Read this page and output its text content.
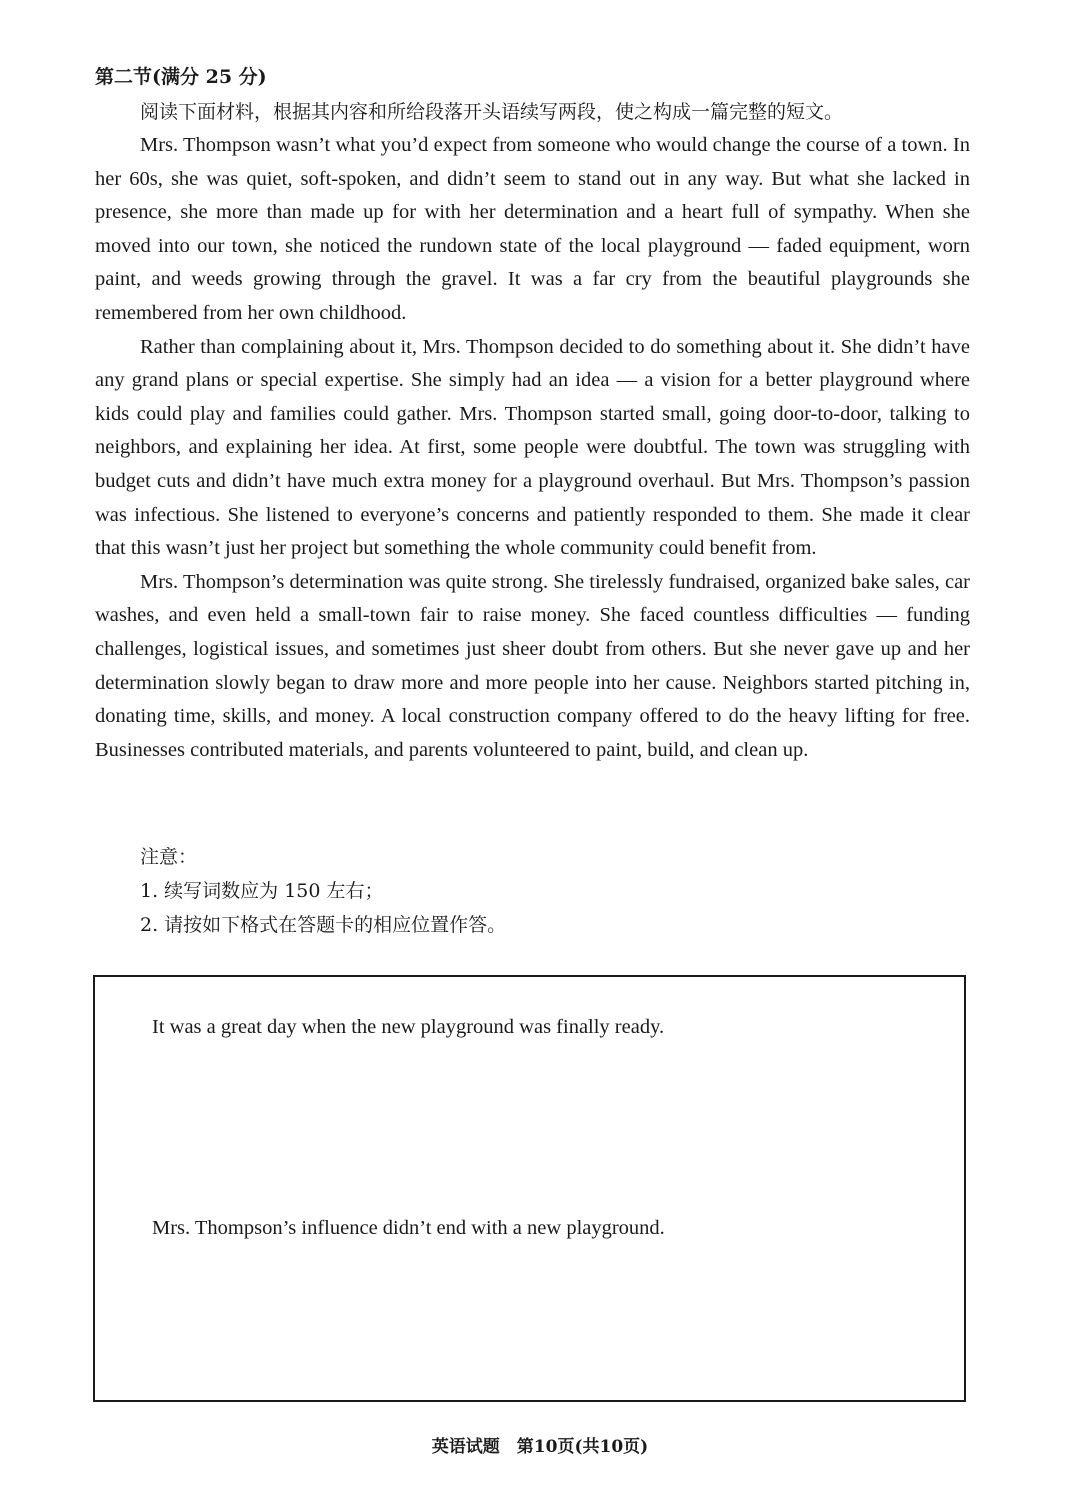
第二节(满分 25 分)
阅读下面材料，根据其内容和所给段落开头语续写两段，使之构成一篇完整的短文。

Mrs. Thompson wasn’t what you’d expect from someone who would change the course of a town. In her 60s, she was quiet, soft-spoken, and didn’t seem to stand out in any way. But what she lacked in presence, she more than made up for with her determination and a heart full of sympathy. When she moved into our town, she noticed the rundown state of the local playground — faded equipment, worn paint, and weeds growing through the gravel. It was a far cry from the beautiful playgrounds she remembered from her own childhood.

Rather than complaining about it, Mrs. Thompson decided to do something about it. She didn’t have any grand plans or special expertise. She simply had an idea — a vision for a better playground where kids could play and families could gather. Mrs. Thompson started small, going door-to-door, talking to neighbors, and explaining her idea. At first, some people were doubtful. The town was struggling with budget cuts and didn’t have much extra money for a playground overhaul. But Mrs. Thompson’s passion was infectious. She listened to everyone’s concerns and patiently responded to them. She made it clear that this wasn’t just her project but something the whole community could benefit from.

Mrs. Thompson’s determination was quite strong. She tirelessly fundraised, organized bake sales, car washes, and even held a small-town fair to raise money. She faced countless difficulties — funding challenges, logistical issues, and sometimes just sheer doubt from others. But she never gave up and her determination slowly began to draw more and more people into her cause. Neighbors started pitching in, donating time, skills, and money. A local construction company offered to do the heavy lifting for free. Businesses contributed materials, and parents volunteered to paint, build, and clean up.

注意：
1. 续写词数应为 150 左右；
2. 请按如下格式在答题卡的相应位置作答。
It was a great day when the new playground was finally ready.
Mrs. Thompson’s influence didn’t end with a new playground.
英语试题　第10页(共10页)
